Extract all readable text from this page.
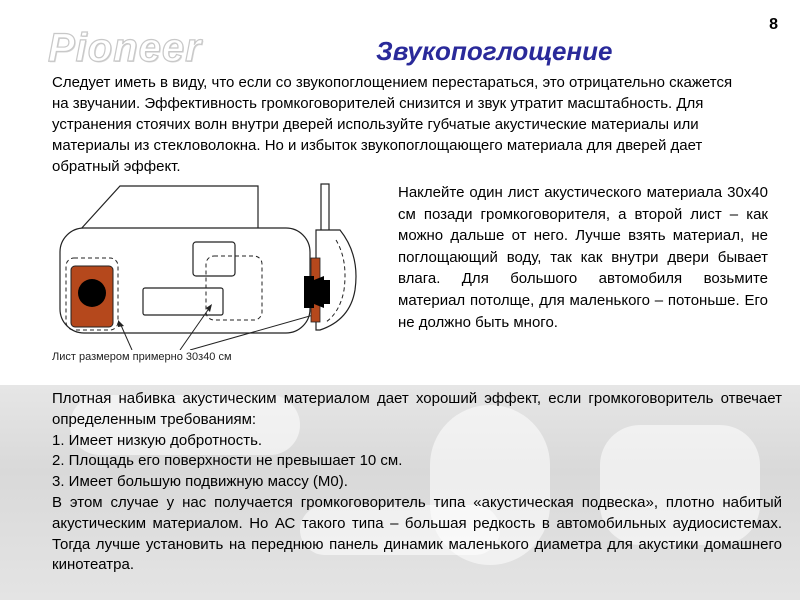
Pioneer
8
Звукопоглощение

Следует иметь в виду, что если со звукопоглощением перестараться, это отрицательно скажется на звучании. Эффективность громкоговорителей снизится и звук утратит масштабность. Для устранения стоячих волн внутри дверей используйте губчатые акустические материалы или материалы из стекловолокна. Но и избыток звукопоглощающего материала для дверей дает обратный эффект.

Лист размером примерно 30з40 см

Наклейте один лист акустического материала 30х40 см позади громкоговорителя, а второй лист – как можно дальше от него. Лучше взять материал, не поглощающий воду, так как внутри двери бывает влага. Для большого автомобиля возьмите материал потолще, для маленького – потоньше. Его не должно быть много.

Плотная набивка акустическим материалом дает хороший эффект, если громкоговоритель отвечает определенным требованиям:
1. Имеет низкую добротность.
2. Площадь его поверхности не превышает 10 см.
3. Имеет большую подвижную массу (М0).
В этом случае у нас получается громкоговоритель типа «акустическая подвеска», плотно набитый акустическим материалом. Но АС такого типа – большая редкость в автомобильных аудиосистемах. Тогда лучше установить на переднюю панель динамик маленького диаметра для акустики домашнего кинотеатра.
